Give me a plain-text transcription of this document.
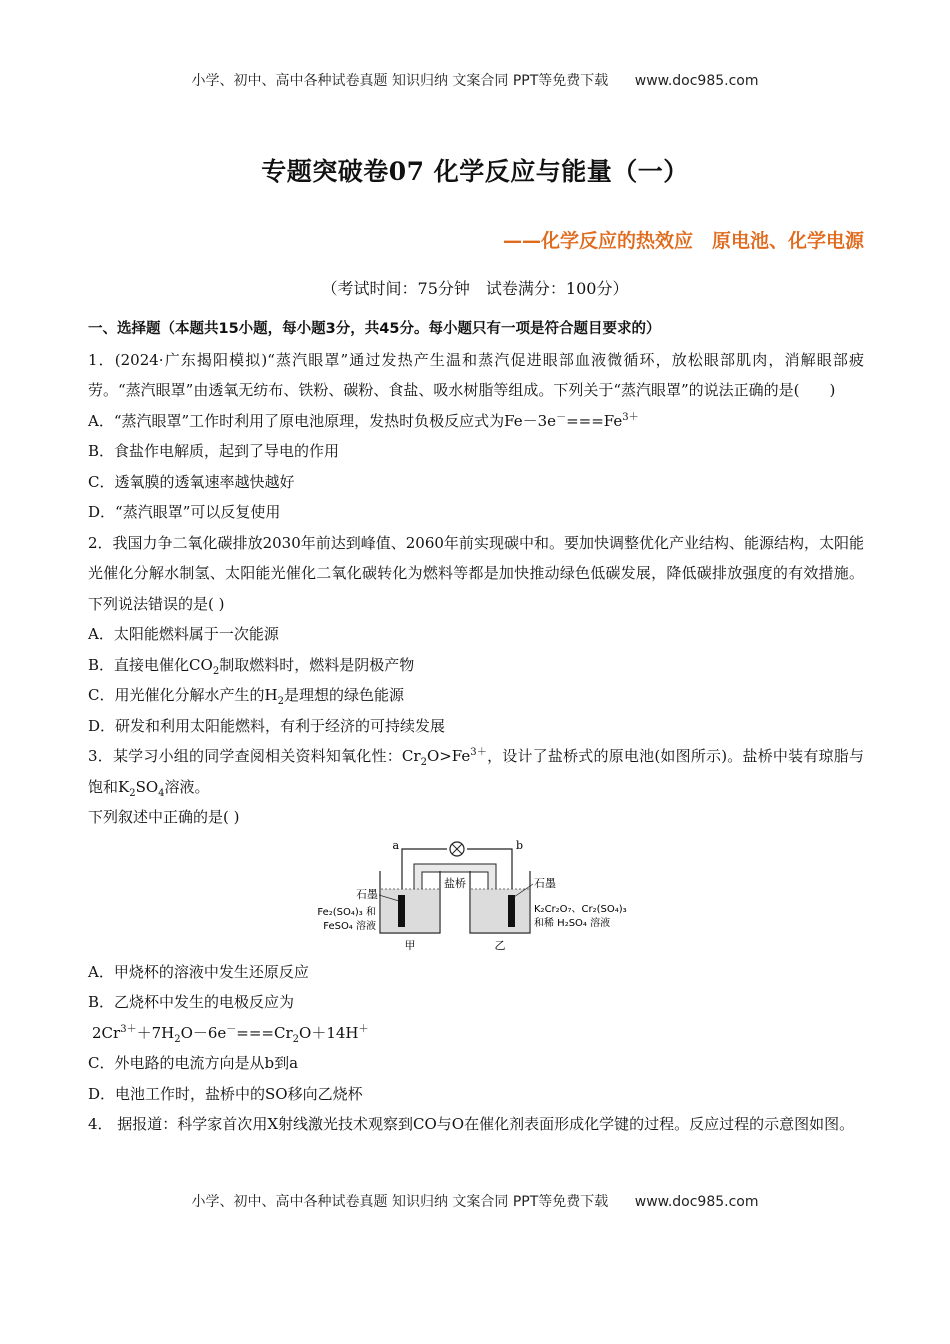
小学、初中、高中各种试卷真题 知识归纳 文案合同 PPT等免费下载 www.doc985.com
专题突破卷07 化学反应与能量（一）
——化学反应的热效应　原电池、化学电源
（考试时间：75分钟　试卷满分：100分）

一、选择题（本题共15小题，每小题3分，共45分。每小题只有一项是符合题目要求的）

1．(2024·广东揭阳模拟)“蒸汽眼罩”通过发热产生温和蒸汽促进眼部血液微循环，放松眼部肌肉，消解眼部疲劳。“蒸汽眼罩”由透氧无纺布、铁粉、碳粉、食盐、吸水树脂等组成。下列关于“蒸汽眼罩”的说法正确的是(　　)

A．“蒸汽眼罩”工作时利用了原电池原理，发热时负极反应式为$Fe-3e^-===Fe^{3+}$

B．食盐作电解质，起到了导电的作用

C．透氧膜的透氧速率越快越好

D．“蒸汽眼罩”可以反复使用

2．我国力争二氧化碳排放2030年前达到峰值、2060年前实现碳中和。要加快调整优化产业结构、能源结构，太阳能光催化分解水制氢、太阳能光催化二氧化碳转化为燃料等都是加快推动绿色低碳发展，降低碳排放强度的有效措施。下列说法错误的是( )

A．太阳能燃料属于一次能源

B．直接电催化$CO_2$制取燃料时，燃料是阴极产物

C．用光催化分解水产生的$H_2$是理想的绿色能源

D．研发和利用太阳能燃料，有利于经济的可持续发展

3．某学习小组的同学查阅相关资料知氧化性：$Cr_2O>Fe^{3+}$，设计了盐桥式的原电池(如图所示)。盐桥中装有琼脂与饱和$K_2SO_4$溶液。

下列叙述中正确的是( )

a	b
盐桥
石墨
Fe₂(SO₄)₃ 和
FeSO₄ 溶液
石墨
K₂Cr₂O₇、Cr₂(SO₄)₃
和稀 H₂SO₄ 溶液
甲	乙

A．甲烧杯的溶液中发生还原反应

B．乙烧杯中发生的电极反应为

$2Cr^{3+}+7H_2O-6e^-===Cr_2O+14H^+$

C．外电路的电流方向是从b到a

D．电池工作时，盐桥中的SO移向乙烧杯

4． 据报道：科学家首次用X射线激光技术观察到CO与O在催化剂表面形成化学键的过程。反应过程的示意图如图。

小学、初中、高中各种试卷真题 知识归纳 文案合同 PPT等免费下载 www.doc985.com
